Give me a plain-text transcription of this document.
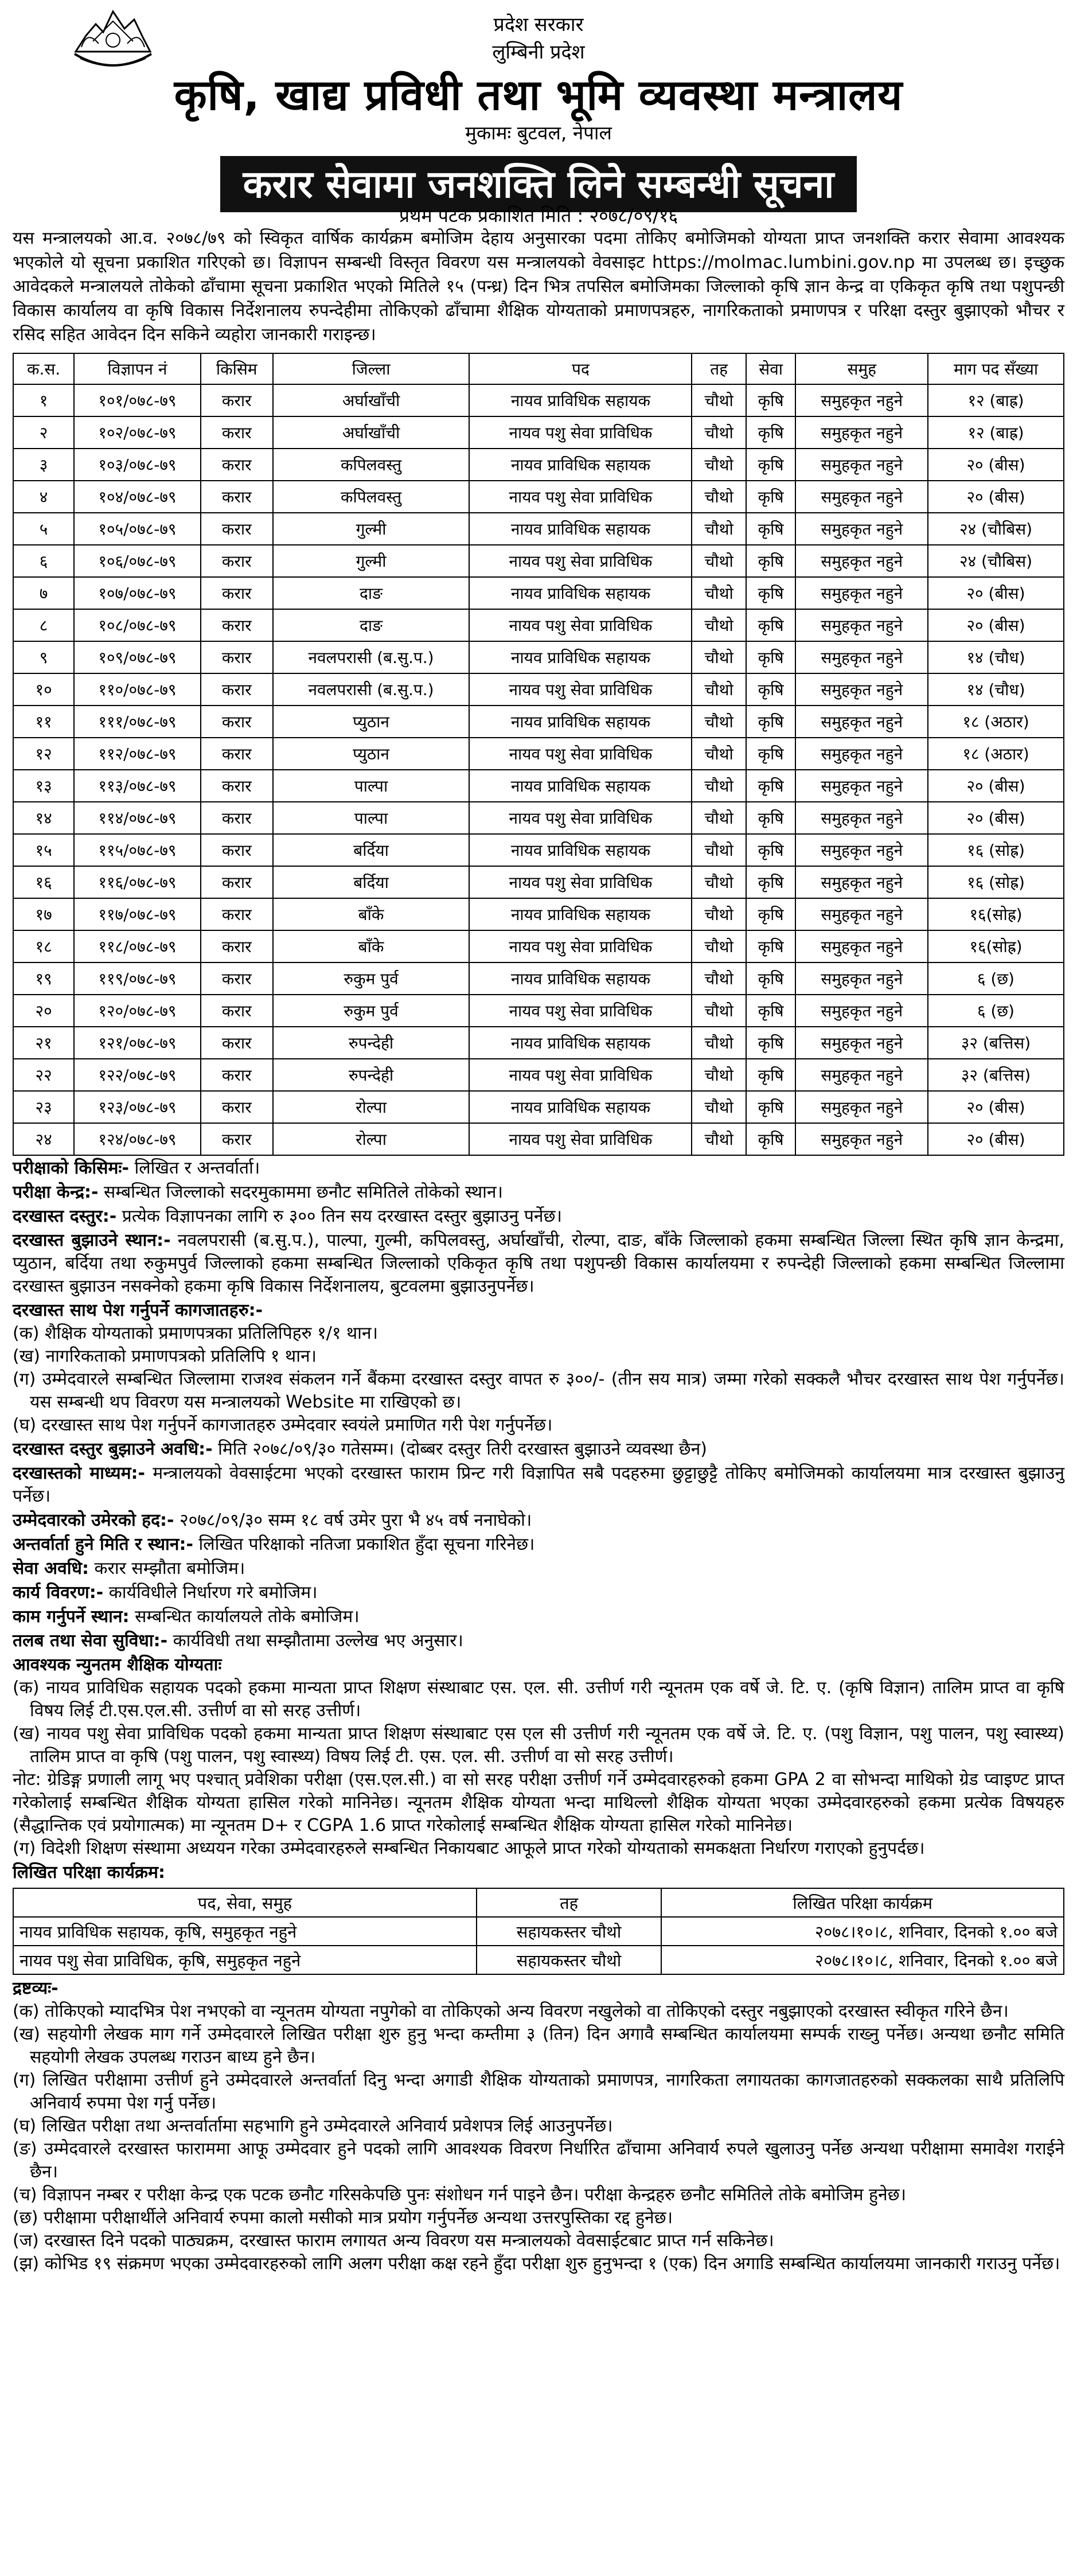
प्रदेश सरकार
लुम्बिनी प्रदेश
कृषि, खाद्य प्रविधी तथा भूमि व्यवस्था मन्त्रालय
मुकामः बुटवल, नेपाल
करार सेवामा जनशक्ति लिने सम्बन्धी सूचना
प्रथम पटक प्रकाशित मिति : २०७८/०९/१६

यस मन्त्रालयको आ.व. २०७८/७९ को स्विकृत वार्षिक कार्यक्रम बमोजिम देहाय अनुसारका पदमा तोकिए बमोजिमको योग्यता प्राप्त जनशक्ति करार सेवामा आवश्यक भएकोले यो सूचना प्रकाशित गरिएको छ। विज्ञापन सम्बन्धी विस्तृत विवरण यस मन्त्रालयको वेवसाइट https://molmac.lumbini.gov.np मा उपलब्ध छ। इच्छुक आवेदकले मन्त्रालयले तोकेको ढाँचामा सूचना प्रकाशित भएको मितिले १५ (पन्ध्र) दिन भित्र तपसिल बमोजिमका जिल्लाको कृषि ज्ञान केन्द्र वा एकिकृत कृषि तथा पशुपन्छी विकास कार्यालय वा कृषि विकास निर्देशनालय रुपन्देहीमा तोकिएको ढाँचामा शैक्षिक योग्यताको प्रमाणपत्रहरु, नागरिकताको प्रमाणपत्र र परिक्षा दस्तुर बुझाएको भौचर र रसिद सहित आवेदन दिन सकिने व्यहोरा जानकारी गराइन्छ।

क.स.	विज्ञापन नं	किसिम	जिल्ला	पद	तह	सेवा	समुह	माग पद सँख्या
१	१०१/०७८-७९	करार	अर्घाखाँची	नायव प्राविधिक सहायक	चौथो	कृषि	समुहकृत नहुने	१२ (बाह्र)
२	१०२/०७८-७९	करार	अर्घाखाँची	नायव पशु सेवा प्राविधिक	चौथो	कृषि	समुहकृत नहुने	१२ (बाह्र)
३	१०३/०७८-७९	करार	कपिलवस्तु	नायव प्राविधिक सहायक	चौथो	कृषि	समुहकृत नहुने	२० (बीस)
४	१०४/०७८-७९	करार	कपिलवस्तु	नायव पशु सेवा प्राविधिक	चौथो	कृषि	समुहकृत नहुने	२० (बीस)
५	१०५/०७८-७९	करार	गुल्मी	नायव प्राविधिक सहायक	चौथो	कृषि	समुहकृत नहुने	२४ (चौबिस)
६	१०६/०७८-७९	करार	गुल्मी	नायव पशु सेवा प्राविधिक	चौथो	कृषि	समुहकृत नहुने	२४ (चौबिस)
७	१०७/०७८-७९	करार	दाङ	नायव प्राविधिक सहायक	चौथो	कृषि	समुहकृत नहुने	२० (बीस)
८	१०८/०७८-७९	करार	दाङ	नायव पशु सेवा प्राविधिक	चौथो	कृषि	समुहकृत नहुने	२० (बीस)
९	१०९/०७८-७९	करार	नवलपरासी (ब.सु.प.)	नायव प्राविधिक सहायक	चौथो	कृषि	समुहकृत नहुने	१४ (चौध)
१०	११०/०७८-७९	करार	नवलपरासी (ब.सु.प.)	नायव पशु सेवा प्राविधिक	चौथो	कृषि	समुहकृत नहुने	१४ (चौध)
११	१११/०७८-७९	करार	प्युठान	नायव प्राविधिक सहायक	चौथो	कृषि	समुहकृत नहुने	१८ (अठार)
१२	११२/०७८-७९	करार	प्युठान	नायव पशु सेवा प्राविधिक	चौथो	कृषि	समुहकृत नहुने	१८ (अठार)
१३	११३/०७८-७९	करार	पाल्पा	नायव प्राविधिक सहायक	चौथो	कृषि	समुहकृत नहुने	२० (बीस)
१४	११४/०७८-७९	करार	पाल्पा	नायव पशु सेवा प्राविधिक	चौथो	कृषि	समुहकृत नहुने	२० (बीस)
१५	११५/०७८-७९	करार	बर्दिया	नायव प्राविधिक सहायक	चौथो	कृषि	समुहकृत नहुने	१६ (सोह्र)
१६	११६/०७८-७९	करार	बर्दिया	नायव पशु सेवा प्राविधिक	चौथो	कृषि	समुहकृत नहुने	१६ (सोह्र)
१७	११७/०७८-७९	करार	बाँके	नायव प्राविधिक सहायक	चौथो	कृषि	समुहकृत नहुने	१६(सोह्र)
१८	११८/०७८-७९	करार	बाँके	नायव पशु सेवा प्राविधिक	चौथो	कृषि	समुहकृत नहुने	१६(सोह्र)
१९	११९/०७८-७९	करार	रुकुम पुर्व	नायव प्राविधिक सहायक	चौथो	कृषि	समुहकृत नहुने	६ (छ)
२०	१२०/०७८-७९	करार	रुकुम पुर्व	नायव पशु सेवा प्राविधिक	चौथो	कृषि	समुहकृत नहुने	६ (छ)
२१	१२१/०७८-७९	करार	रुपन्देही	नायव प्राविधिक सहायक	चौथो	कृषि	समुहकृत नहुने	३२ (बत्तिस)
२२	१२२/०७८-७९	करार	रुपन्देही	नायव पशु सेवा प्राविधिक	चौथो	कृषि	समुहकृत नहुने	३२ (बत्तिस)
२३	१२३/०७८-७९	करार	रोल्पा	नायव प्राविधिक सहायक	चौथो	कृषि	समुहकृत नहुने	२० (बीस)
२४	१२४/०७८-७९	करार	रोल्पा	नायव पशु सेवा प्राविधिक	चौथो	कृषि	समुहकृत नहुने	२० (बीस)
परीक्षाको किसिमः- लिखित र अन्तर्वार्ता।
परीक्षा केन्द्र:- सम्बन्धित जिल्लाको सदरमुकाममा छनौट समितिले तोकेको स्थान।
दरखास्त दस्तुर:- प्रत्येक विज्ञापनका लागि रु ३०० तिन सय दरखास्त दस्तुर बुझाउनु पर्नेछ।
दरखास्त बुझाउने स्थान:- नवलपरासी (ब.सु.प.), पाल्पा, गुल्मी, कपिलवस्तु, अर्घाखाँची, रोल्पा, दाङ, बाँके जिल्लाको हकमा सम्बन्धित जिल्ला स्थित कृषि ज्ञान केन्द्रमा, प्युठान, बर्दिया तथा रुकुमपुर्व जिल्लाको हकमा सम्बन्धित जिल्लाको एकिकृत कृषि तथा पशुपन्छी विकास कार्यालयमा र रुपन्देही जिल्लाको हकमा सम्बन्धित जिल्लामा दरखास्त बुझाउन नसक्नेको हकमा कृषि विकास निर्देशनालय, बुटवलमा बुझाउनुपर्नेछ।
दरखास्त साथ पेश गर्नुपर्ने कागजातहरु:-
(क) शैक्षिक योग्यताको प्रमाणपत्रका प्रतिलिपिहरु १/१ थान।
(ख) नागरिकताको प्रमाणपत्रको प्रतिलिपि १ थान।
(ग) उम्मेदवारले सम्बन्धित जिल्लामा राजश्व संकलन गर्ने बैंकमा दरखास्त दस्तुर वापत रु ३००/- (तीन सय मात्र) जम्मा गरेको सक्कलै भौचर दरखास्त साथ पेश गर्नुपर्नेछ। यस सम्बन्धी थप विवरण यस मन्त्रालयको Website मा राखिएको छ।
(घ) दरखास्त साथ पेश गर्नुपर्ने कागजातहरु उम्मेदवार स्वयंले प्रमाणित गरी पेश गर्नुपर्नेछ।
दरखास्त दस्तुर बुझाउने अवधि:- मिति २०७८/०९/३० गतेसम्म। (दोब्बर दस्तुर तिरी दरखास्त बुझाउने व्यवस्था छैन)
दरखास्तको माध्यम:- मन्त्रालयको वेवसाईटमा भएको दरखास्त फाराम प्रिन्ट गरी विज्ञापित सबै पदहरुमा छुट्टाछुट्टै तोकिए बमोजिमको कार्यालयमा मात्र दरखास्त बुझाउनु पर्नेछ।
उम्मेदवारको उमेरको हद:- २०७८/०९/३० सम्म १८ वर्ष उमेर पुरा भै ४५ वर्ष ननाघेको।
अन्तर्वार्ता हुने मिति र स्थान:- लिखित परिक्षाको नतिजा प्रकाशित हुँदा सूचना गरिनेछ।
सेवा अवधि: करार सम्झौता बमोजिम।
कार्य विवरण:- कार्यविधीले निर्धारण गरे बमोजिम।
काम गर्नुपर्ने स्थान: सम्बन्धित कार्यालयले तोके बमोजिम।
तलब तथा सेवा सुविधा:- कार्यविधी तथा सम्झौतामा उल्लेख भए अनुसार।
आवश्यक न्युनतम शैक्षिक योग्यताः
(क) नायव प्राविधिक सहायक पदको हकमा मान्यता प्राप्त शिक्षण संस्थाबाट एस. एल. सी. उत्तीर्ण गरी न्यूनतम एक वर्षे जे. टि. ए. (कृषि विज्ञान) तालिम प्राप्त वा कृषि विषय लिई टी.एस.एल.सी. उत्तीर्ण वा सो सरह उत्तीर्ण।
(ख) नायव पशु सेवा प्राविधिक पदको हकमा मान्यता प्राप्त शिक्षण संस्थाबाट एस एल सी उत्तीर्ण गरी न्यूनतम एक वर्षे जे. टि. ए. (पशु विज्ञान, पशु पालन, पशु स्वास्थ्य) तालिम प्राप्त वा कृषि (पशु पालन, पशु स्वास्थ्य) विषय लिई टी. एस. एल. सी. उत्तीर्ण वा सो सरह उत्तीर्ण।
नोट: ग्रेडिङ्ग प्रणाली लागू भए पश्चात् प्रवेशिका परीक्षा (एस.एल.सी.) वा सो सरह परीक्षा उत्तीर्ण गर्ने उम्मेदवारहरुको हकमा GPA 2 वा सोभन्दा माथिको ग्रेड प्वाइण्ट प्राप्त गरेकोलाई सम्बन्धित शैक्षिक योग्यता हासिल गरेको मानिनेछ। न्यूनतम शैक्षिक योग्यता भन्दा माथिल्लो शैक्षिक योग्यता भएका उम्मेदवारहरुको हकमा प्रत्येक विषयहरु (सैद्धान्तिक एवं प्रयोगात्मक) मा न्यूनतम D+ र CGPA 1.6 प्राप्त गरेकोलाई सम्बन्धित शैक्षिक योग्यता हासिल गरेको मानिनेछ।
(ग) विदेशी शिक्षण संस्थामा अध्ययन गरेका उम्मेदवारहरुले सम्बन्धित निकायबाट आफूले प्राप्त गरेको योग्यताको समकक्षता निर्धारण गराएको हुनुपर्दछ।
लिखित परिक्षा कार्यक्रम:
पद, सेवा, समुह	तह	लिखित परिक्षा कार्यक्रम
नायव प्राविधिक सहायक, कृषि, समुहकृत नहुने	सहायकस्तर चौथो	२०७८।१०।८, शनिवार, दिनको १.०० बजे
नायव पशु सेवा प्राविधिक, कृषि, समुहकृत नहुने	सहायकस्तर चौथो	२०७८।१०।८, शनिवार, दिनको १.०० बजे
द्रष्टव्यः-
(क) तोकिएको म्यादभित्र पेश नभएको वा न्यूनतम योग्यता नपुगेको वा तोकिएको अन्य विवरण नखुलेको वा तोकिएको दस्तुर नबुझाएको दरखास्त स्वीकृत गरिने छैन।
(ख) सहयोगी लेखक माग गर्ने उम्मेदवारले लिखित परीक्षा शुरु हुनु भन्दा कम्तीमा ३ (तिन) दिन अगावै सम्बन्धित कार्यालयमा सम्पर्क राख्नु पर्नेछ। अन्यथा छनौट समिति सहयोगी लेखक उपलब्ध गराउन बाध्य हुने छैन।
(ग) लिखित परीक्षामा उत्तीर्ण हुने उम्मेदवारले अन्तर्वार्ता दिनु भन्दा अगाडी शैक्षिक योग्यताको प्रमाणपत्र, नागरिकता लगायतका कागजातहरुको सक्कलका साथै प्रतिलिपि अनिवार्य रुपमा पेश गर्नु पर्नेछ।
(घ) लिखित परीक्षा तथा अन्तर्वार्तामा सहभागि हुने उम्मेदवारले अनिवार्य प्रवेशपत्र लिई आउनुपर्नेछ।
(ङ) उम्मेदवारले दरखास्त फाराममा आफू उम्मेदवार हुने पदको लागि आवश्यक विवरण निर्धारित ढाँचामा अनिवार्य रुपले खुलाउनु पर्नेछ अन्यथा परीक्षामा समावेश गराईने छैन।
(च) विज्ञापन नम्बर र परीक्षा केन्द्र एक पटक छनौट गरिसकेपछि पुनः संशोधन गर्न पाइने छैन। परीक्षा केन्द्रहरु छनौट समितिले तोके बमोजिम हुनेछ।
(छ) परीक्षामा परीक्षार्थीले अनिवार्य रुपमा कालो मसीको मात्र प्रयोग गर्नुपर्नेछ अन्यथा उत्तरपुस्तिका रद्द हुनेछ।
(ज) दरखास्त दिने पदको पाठ्यक्रम, दरखास्त फाराम लगायत अन्य विवरण यस मन्त्रालयको वेवसाईटबाट प्राप्त गर्न सकिनेछ।
(झ) कोभिड १९ संक्रमण भएका उम्मेदवारहरुको लागि अलग परीक्षा कक्ष रहने हुँदा परीक्षा शुरु हुनुभन्दा १ (एक) दिन अगाडि सम्बन्धित कार्यालयमा जानकारी गराउनु पर्नेछ।
